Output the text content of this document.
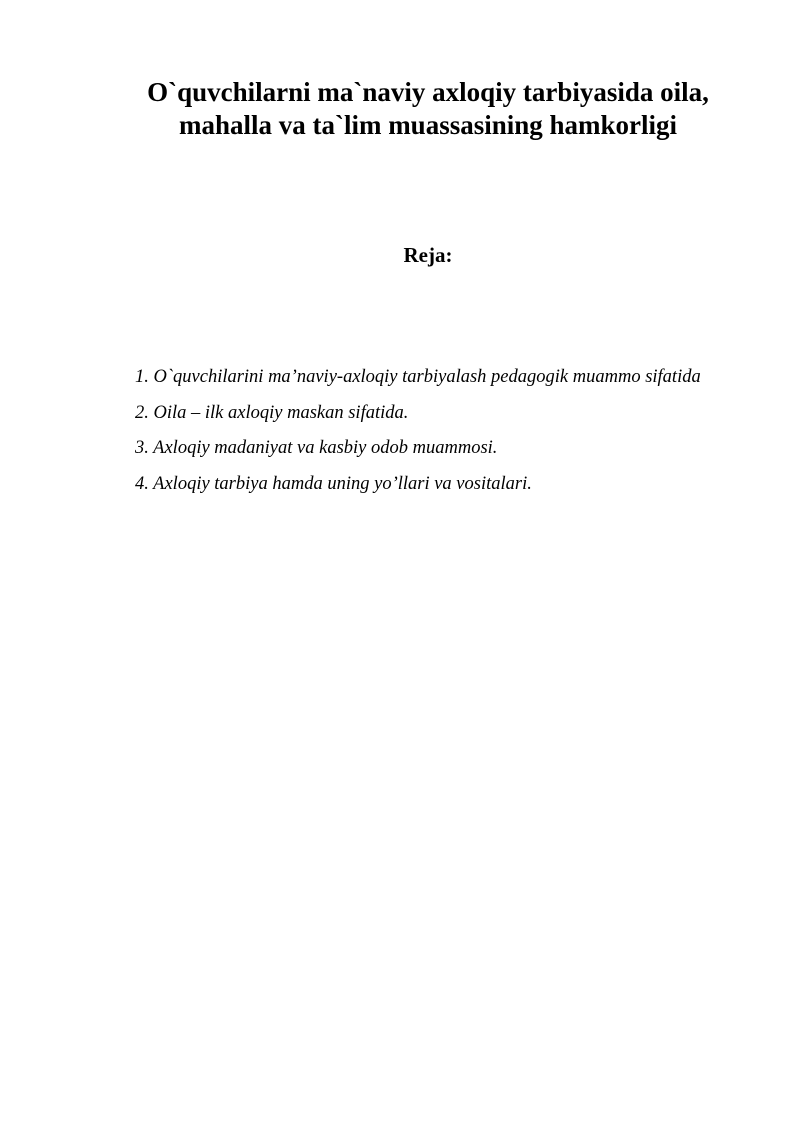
O`quvchilarni ma`naviy axloqiy tarbiyasida oila,
mahalla va ta`lim muassasining hamkorligi
Reja:
1. O`quvchilarini ma’naviy-axloqiy tarbiyalash pedagogik muammo sifatida
2. Oila – ilk axloqiy maskan sifatida.
3. Axloqiy madaniyat va kasbiy odob muammosi.
4. Axloqiy tarbiya hamda uning yo’llari va vositalari.
